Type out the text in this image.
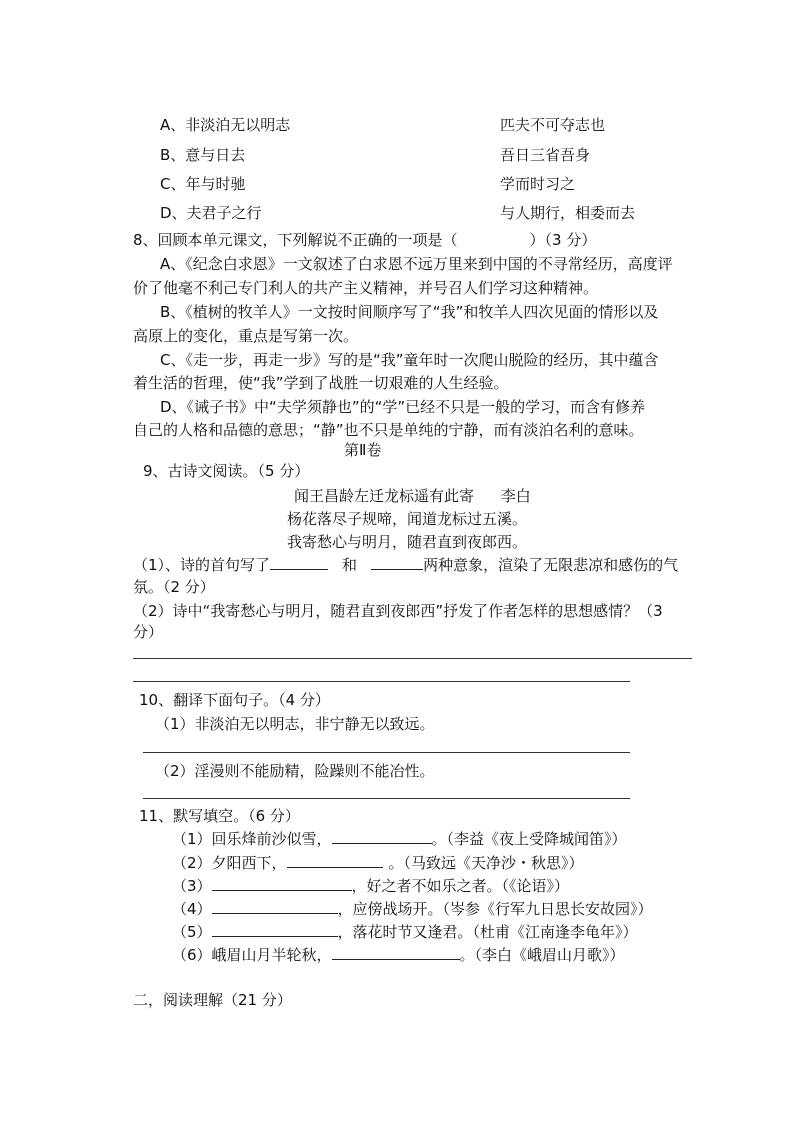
A、非淡泊无以明志	匹夫不可夺志也
B、意与日去	吾日三省吾身
C、年与时驰	学而时习之
D、夫君子之行	与人期行，相委而去
8、回顾本单元课文，下列解说不正确的一项是（	）（3 分）
A、《纪念白求恩》一文叙述了白求恩不远万里来到中国的不寻常经历，高度评
价了他毫不利己专门利人的共产主义精神，并号召人们学习这种精神。
B、《植树的牧羊人》一文按时间顺序写了“我”和牧羊人四次见面的情形以及
高原上的变化，重点是写第一次。
C、《走一步，再走一步》写的是“我”童年时一次爬山脱险的经历，其中蕴含
着生活的哲理，使“我”学到了战胜一切艰难的人生经验。
D、《诫子书》中“夫学须静也”的“学”已经不只是一般的学习，而含有修养
自己的人格和品德的意思；“静”也不只是单纯的宁静，而有淡泊名利的意味。
第Ⅱ卷
9、古诗文阅读。（5 分）
闻王昌龄左迁龙标遥有此寄 李白
杨花落尽子规啼，闻道龙标过五溪。
我寄愁心与明月，随君直到夜郎西。
（1）、诗的首句写了	和	两种意象，渲染了无限悲凉和感伤的气
氛。（2 分）
（2）诗中“我寄愁心与明月，随君直到夜郎西”抒发了作者怎样的思想感情？（3
分）
10、翻译下面句子。（4 分）
（1）非淡泊无以明志，非宁静无以致远。
（2）淫漫则不能励精，险躁则不能冶性。
11、默写填空。（6 分）
（1）回乐烽前沙似雪，	。（李益《夜上受降城闻笛》）
（2）夕阳西下，	。（马致远《天净沙・秋思》）
（3）	，好之者不如乐之者。（《论语》）
（4）	，应傍战场开。（岑参《行军九日思长安故园》）
（5）	，落花时节又逢君。（杜甫《江南逢李龟年》）
（6）峨眉山月半轮秋，	。（李白《峨眉山月歌》）
二，阅读理解（21 分）
